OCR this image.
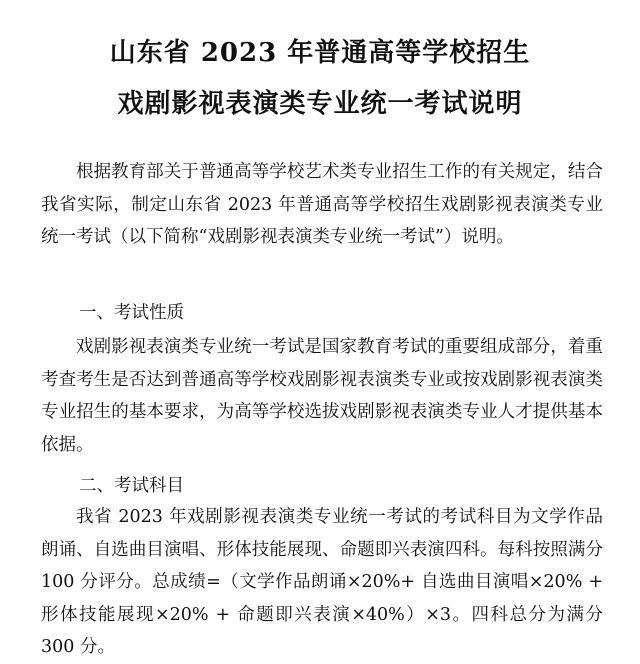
山东省 2023 年普通高等学校招生
戏剧影视表演类专业统一考试说明

根据教育部关于普通高等学校艺术类专业招生工作的有关规定，结合我省实际，制定山东省 2023 年普通高等学校招生戏剧影视表演类专业统一考试（以下简称“戏剧影视表演类专业统一考试”）说明。

一、考试性质

戏剧影视表演类专业统一考试是国家教育考试的重要组成部分，着重考查考生是否达到普通高等学校戏剧影视表演类专业或按戏剧影视表演类专业招生的基本要求，为高等学校选拔戏剧影视表演类专业人才提供基本依据。

二、考试科目

我省 2023 年戏剧影视表演类专业统一考试的考试科目为文学作品朗诵、自选曲目演唱、形体技能展现、命题即兴表演四科。每科按照满分 100 分评分。总成绩=（文学作品朗诵×20%+ 自选曲目演唱×20% + 形体技能展现×20% + 命题即兴表演×40%）×3。四科总分为满分 300 分。
